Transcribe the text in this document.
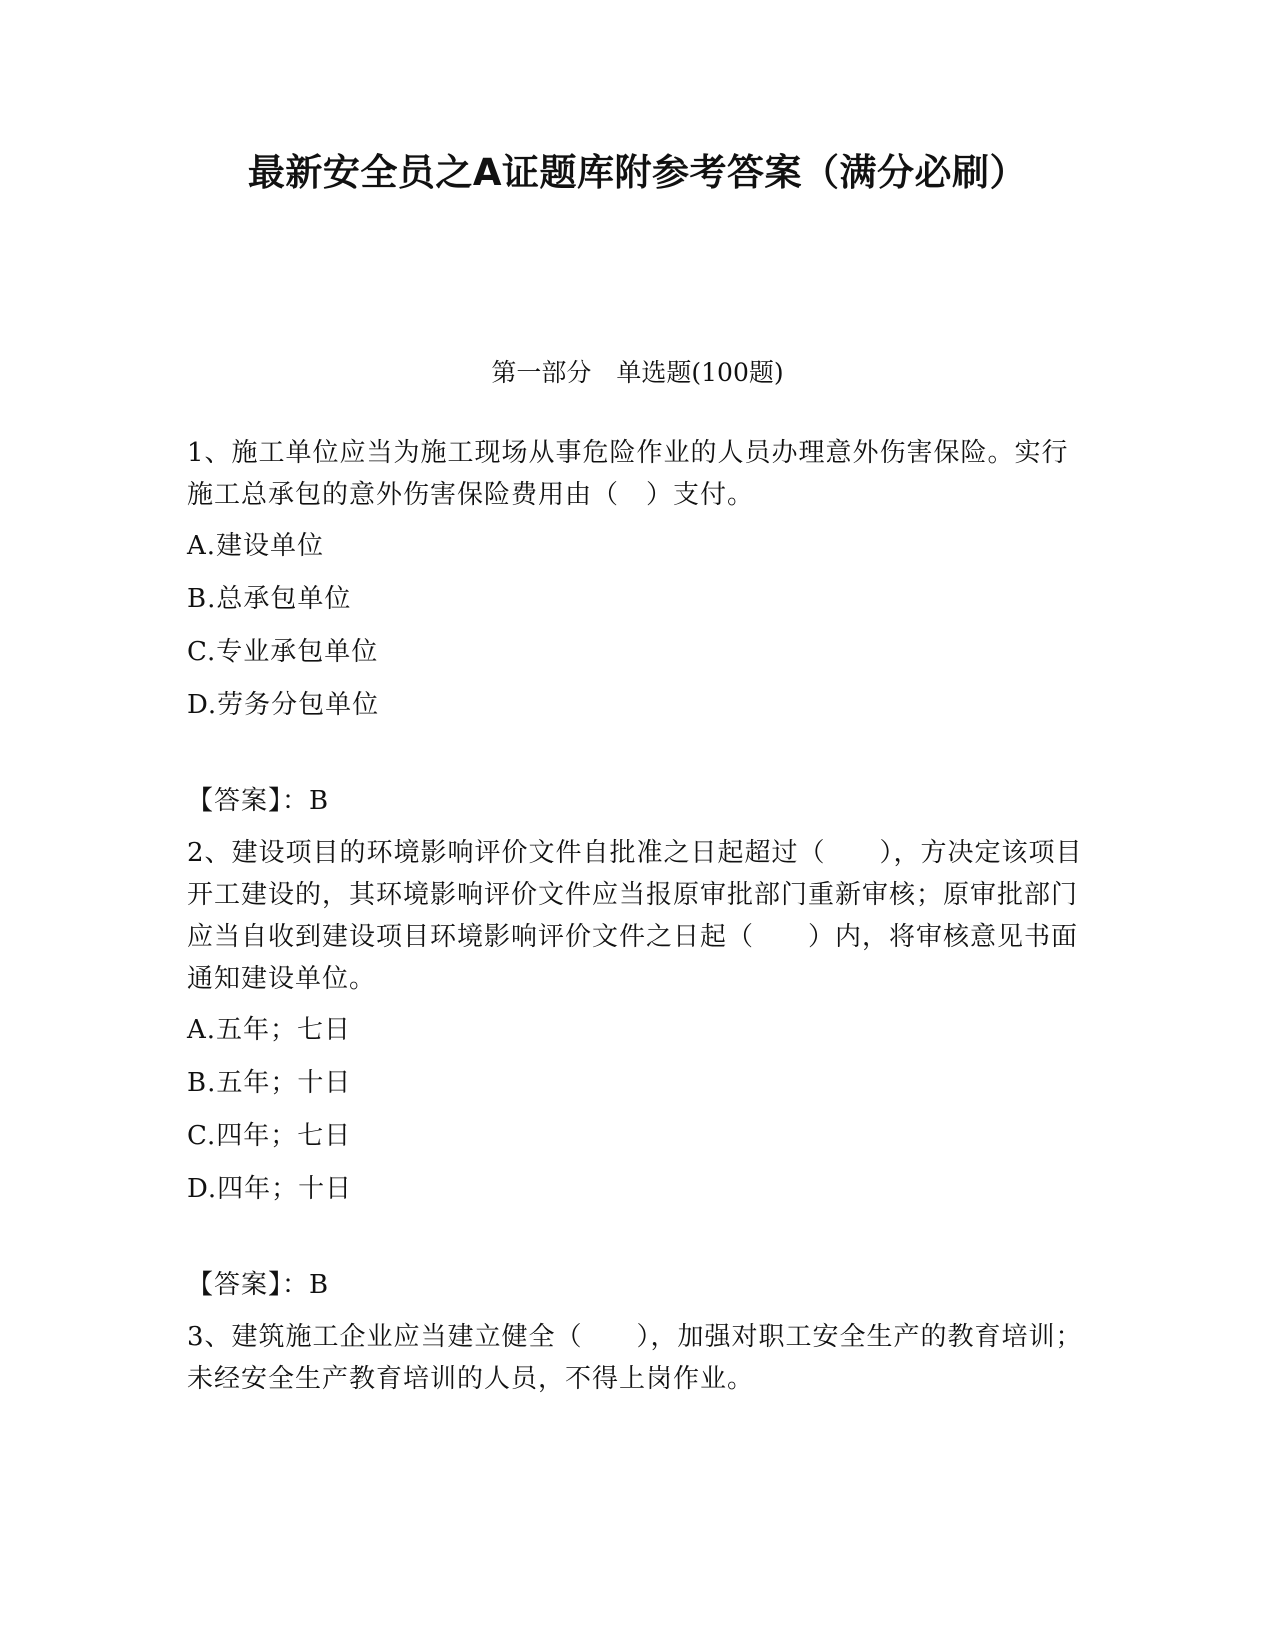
最新安全员之A证题库附参考答案（满分必刷）
第一部分　单选题(100题)
1、施工单位应当为施工现场从事危险作业的人员办理意外伤害保险。实行施工总承包的意外伤害保险费用由（　）支付。
A.建设单位
B.总承包单位
C.专业承包单位
D.劳务分包单位
【答案】：B
2、建设项目的环境影响评价文件自批准之日起超过（　　），方决定该项目开工建设的，其环境影响评价文件应当报原审批部门重新审核；原审批部门应当自收到建设项目环境影响评价文件之日起（　　）内，将审核意见书面通知建设单位。
A.五年；七日
B.五年；十日
C.四年；七日
D.四年；十日
【答案】：B
3、建筑施工企业应当建立健全（　　），加强对职工安全生产的教育培训；未经安全生产教育培训的人员，不得上岗作业。
